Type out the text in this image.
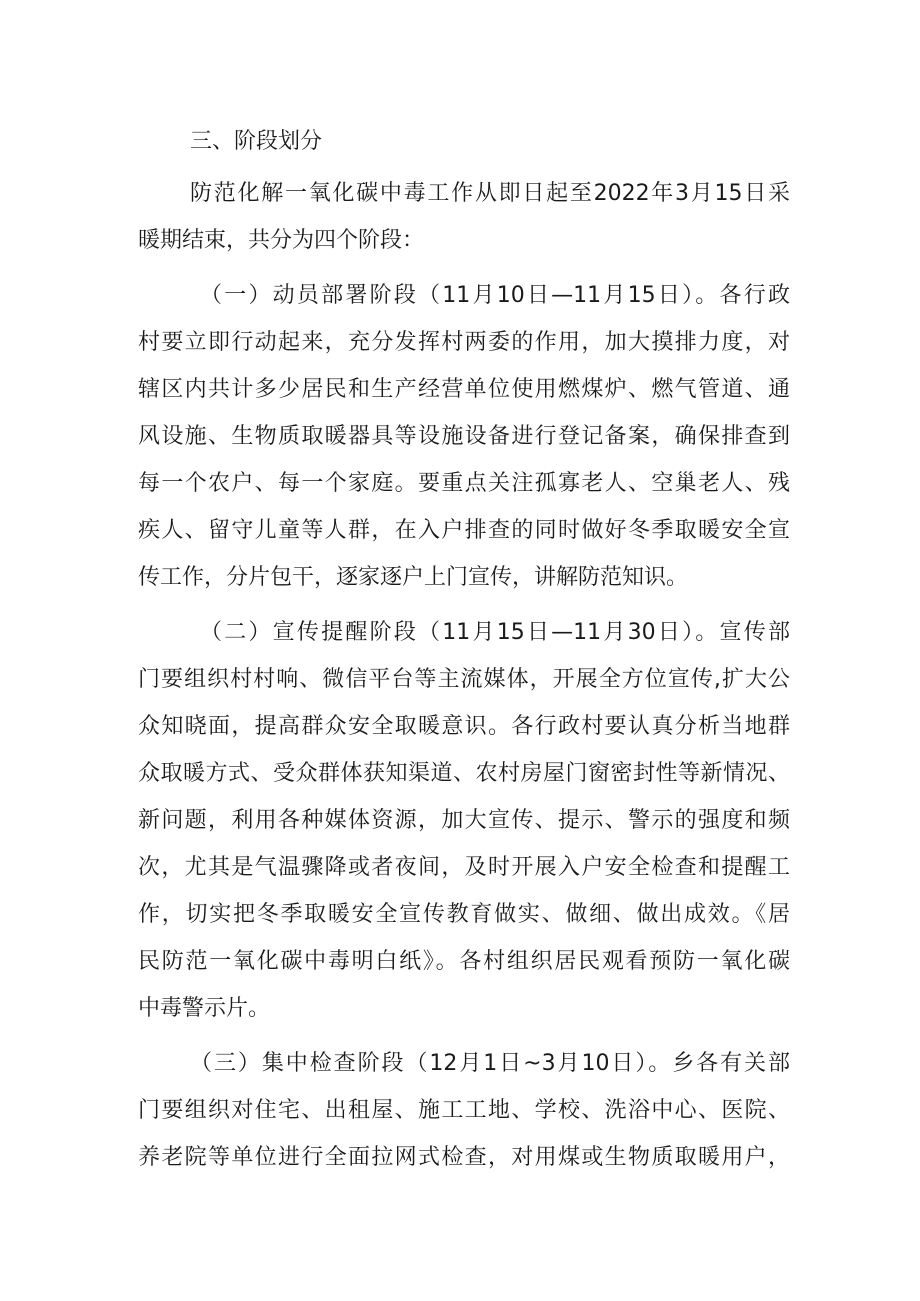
三、阶段划分
防范化解一氧化碳中毒工作从即日起至2022年3月15日采
暖期结束，共分为四个阶段：
（一）动员部署阶段（11月10日—11月15日）。各行政
村要立即行动起来，充分发挥村两委的作用，加大摸排力度，对
辖区内共计多少居民和生产经营单位使用燃煤炉、燃气管道、通
风设施、生物质取暖器具等设施设备进行登记备案，确保排查到
每一个农户、每一个家庭。要重点关注孤寡老人、空巢老人、残
疾人、留守儿童等人群，在入户排查的同时做好冬季取暖安全宣
传工作，分片包干，逐家逐户上门宣传，讲解防范知识。
（二）宣传提醒阶段（11月15日—11月30日）。宣传部
门要组织村村响、微信平台等主流媒体，开展全方位宣传,扩大公
众知晓面，提高群众安全取暖意识。各行政村要认真分析当地群
众取暖方式、受众群体获知渠道、农村房屋门窗密封性等新情况、
新问题，利用各种媒体资源，加大宣传、提示、警示的强度和频
次，尤其是气温骤降或者夜间，及时开展入户安全检查和提醒工
作，切实把冬季取暖安全宣传教育做实、做细、做出成效。《居
民防范一氧化碳中毒明白纸》。各村组织居民观看预防一氧化碳
中毒警示片。
（三）集中检查阶段（12月1日~3月10日）。乡各有关部
门要组织对住宅、出租屋、施工工地、学校、洗浴中心、医院、
养老院等单位进行全面拉网式检查，对用煤或生物质取暖用户，
